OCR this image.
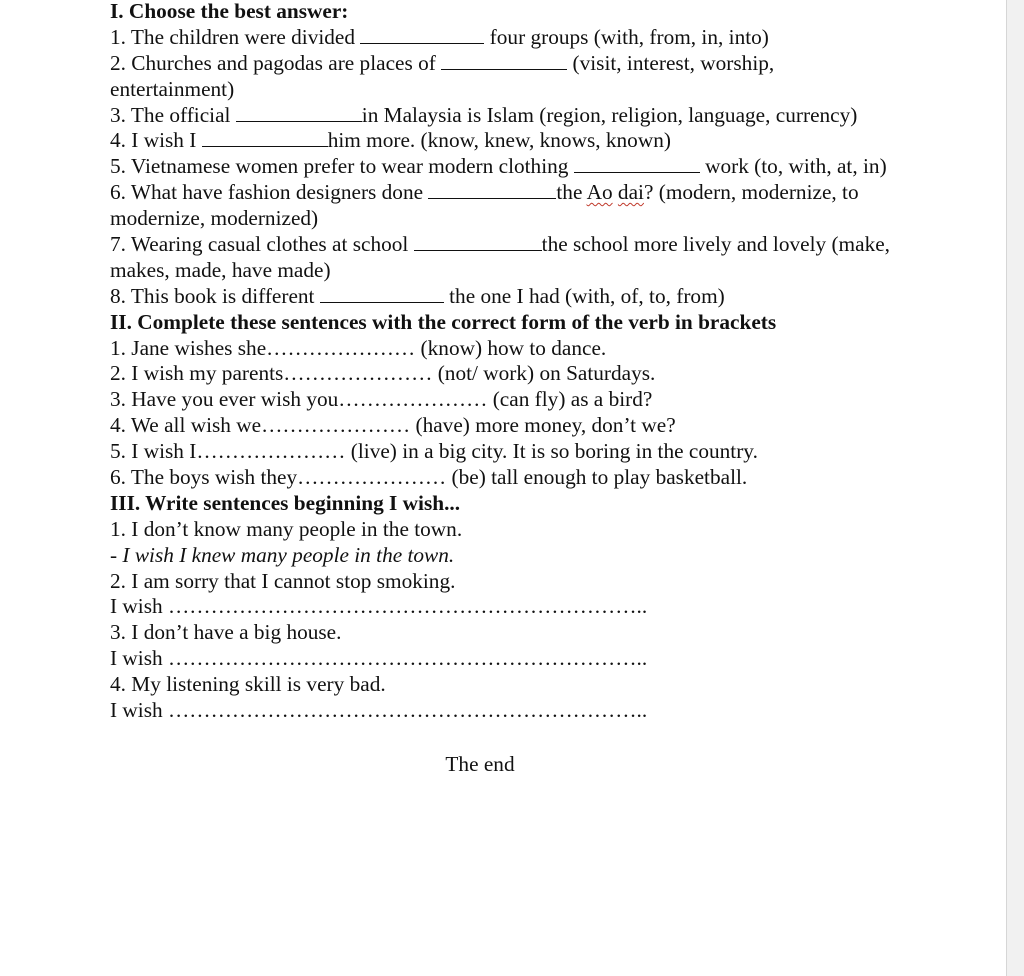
I. Choose the best answer:
1. The children were divided	four groups (with, from, in, into)
2. Churches and pagodas are places of	(visit, interest, worship,
entertainment)
3. The official	in Malaysia is Islam (region, religion, language, currency)
4. I wish I	him more. (know, knew, knows, known)
5. Vietnamese women prefer to wear modern clothing	work (to, with, at, in)
6. What have fashion designers done	the Ao dai? (modern, modernize, to
modernize, modernized)
7. Wearing casual clothes at school	the school more lively and lovely (make,
makes, made, have made)
8. This book is different	the one I had (with, of, to, from)
II. Complete these sentences with the correct form of the verb in brackets
1. Jane wishes she………………… (know) how to dance.
2. I wish my parents………………… (not/ work) on Saturdays.
3. Have you ever wish you………………… (can fly) as a bird?
4. We all wish we………………… (have) more money, don’t we?
5. I wish I………………… (live) in a big city. It is so boring in the country.
6. The boys wish they………………… (be) tall enough to play basketball.
III. Write sentences beginning I wish...
1. I don’t know many people in the town.
- I wish I knew many people in the town.
2. I am sorry that I cannot stop smoking.
I wish …………………………………………………………..
3. I don’t have a big house.
I wish …………………………………………………………..
4. My listening skill is very bad.
I wish …………………………………………………………..
The end
